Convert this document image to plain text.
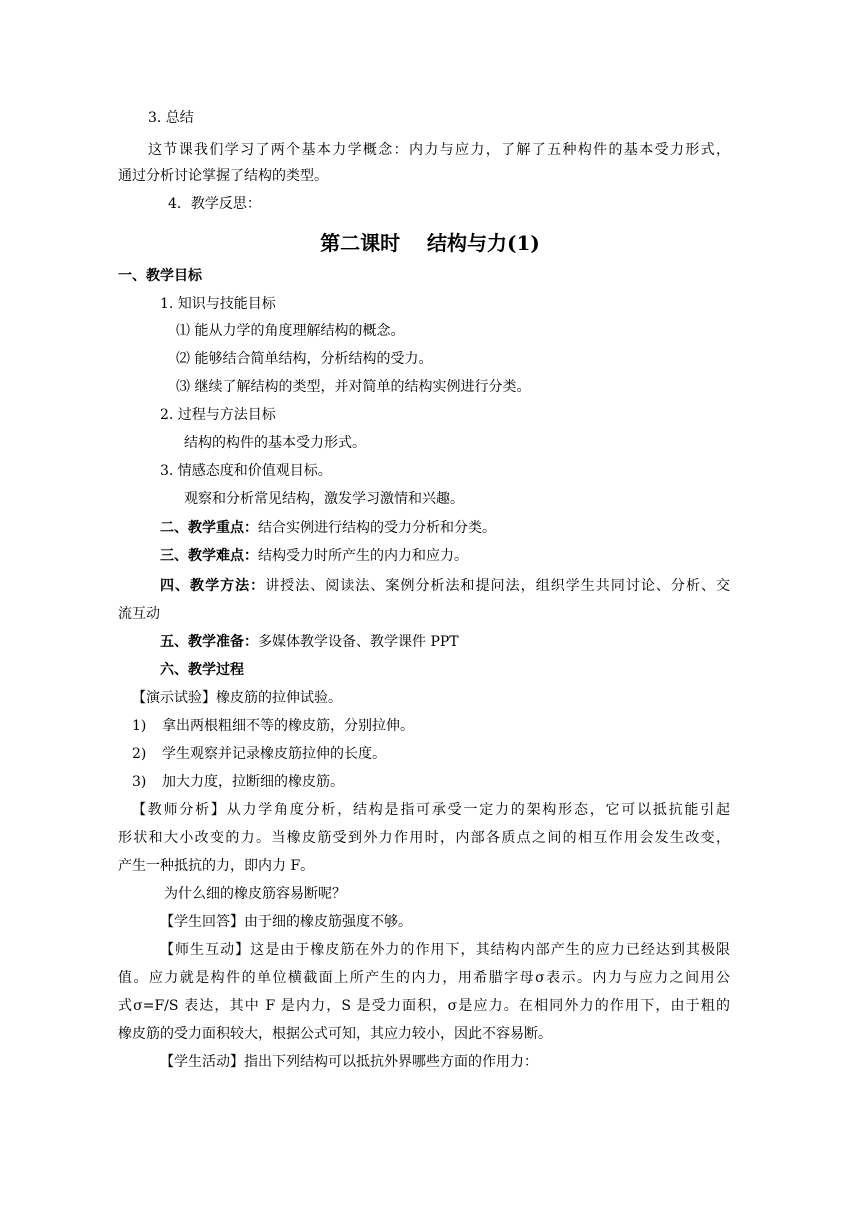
3. 总结
这节课我们学习了两个基本力学概念：内力与应力，了解了五种构件的基本受力形式，
通过分析讨论掌握了结构的类型。
4．教学反思：
第二课时 　结构与力(1)
一、教学目标
1. 知识与技能目标
⑴ 能从力学的角度理解结构的概念。
⑵ 能够结合简单结构，分析结构的受力。
⑶ 继续了解结构的类型，并对简单的结构实例进行分类。
2. 过程与方法目标
结构的构件的基本受力形式。
3. 情感态度和价值观目标。
观察和分析常见结构，激发学习激情和兴趣。
二、教学重点：结合实例进行结构的受力分析和分类。
三、教学难点：结构受力时所产生的内力和应力。
四、教学方法：讲授法、阅读法、案例分析法和提问法，组织学生共同讨论、分析、交
流互动
五、教学准备：多媒体教学设备、教学课件 PPT
六、教学过程
【演示试验】橡皮筋的拉伸试验。
1) 拿出两根粗细不等的橡皮筋，分别拉伸。
2) 学生观察并记录橡皮筋拉伸的长度。
3) 加大力度，拉断细的橡皮筋。
【教师分析】从力学角度分析，结构是指可承受一定力的架构形态，它可以抵抗能引起
形状和大小改变的力。当橡皮筋受到外力作用时，内部各质点之间的相互作用会发生改变，
产生一种抵抗的力，即内力 F。
为什么细的橡皮筋容易断呢？
【学生回答】由于细的橡皮筋强度不够。
【师生互动】这是由于橡皮筋在外力的作用下，其结构内部产生的应力已经达到其极限
值。应力就是构件的单位横截面上所产生的内力，用希腊字母σ表示。内力与应力之间用公
式σ=F/S 表达，其中 F 是内力，S 是受力面积，σ是应力。在相同外力的作用下，由于粗的
橡皮筋的受力面积较大，根据公式可知，其应力较小，因此不容易断。
【学生活动】指出下列结构可以抵抗外界哪些方面的作用力：
